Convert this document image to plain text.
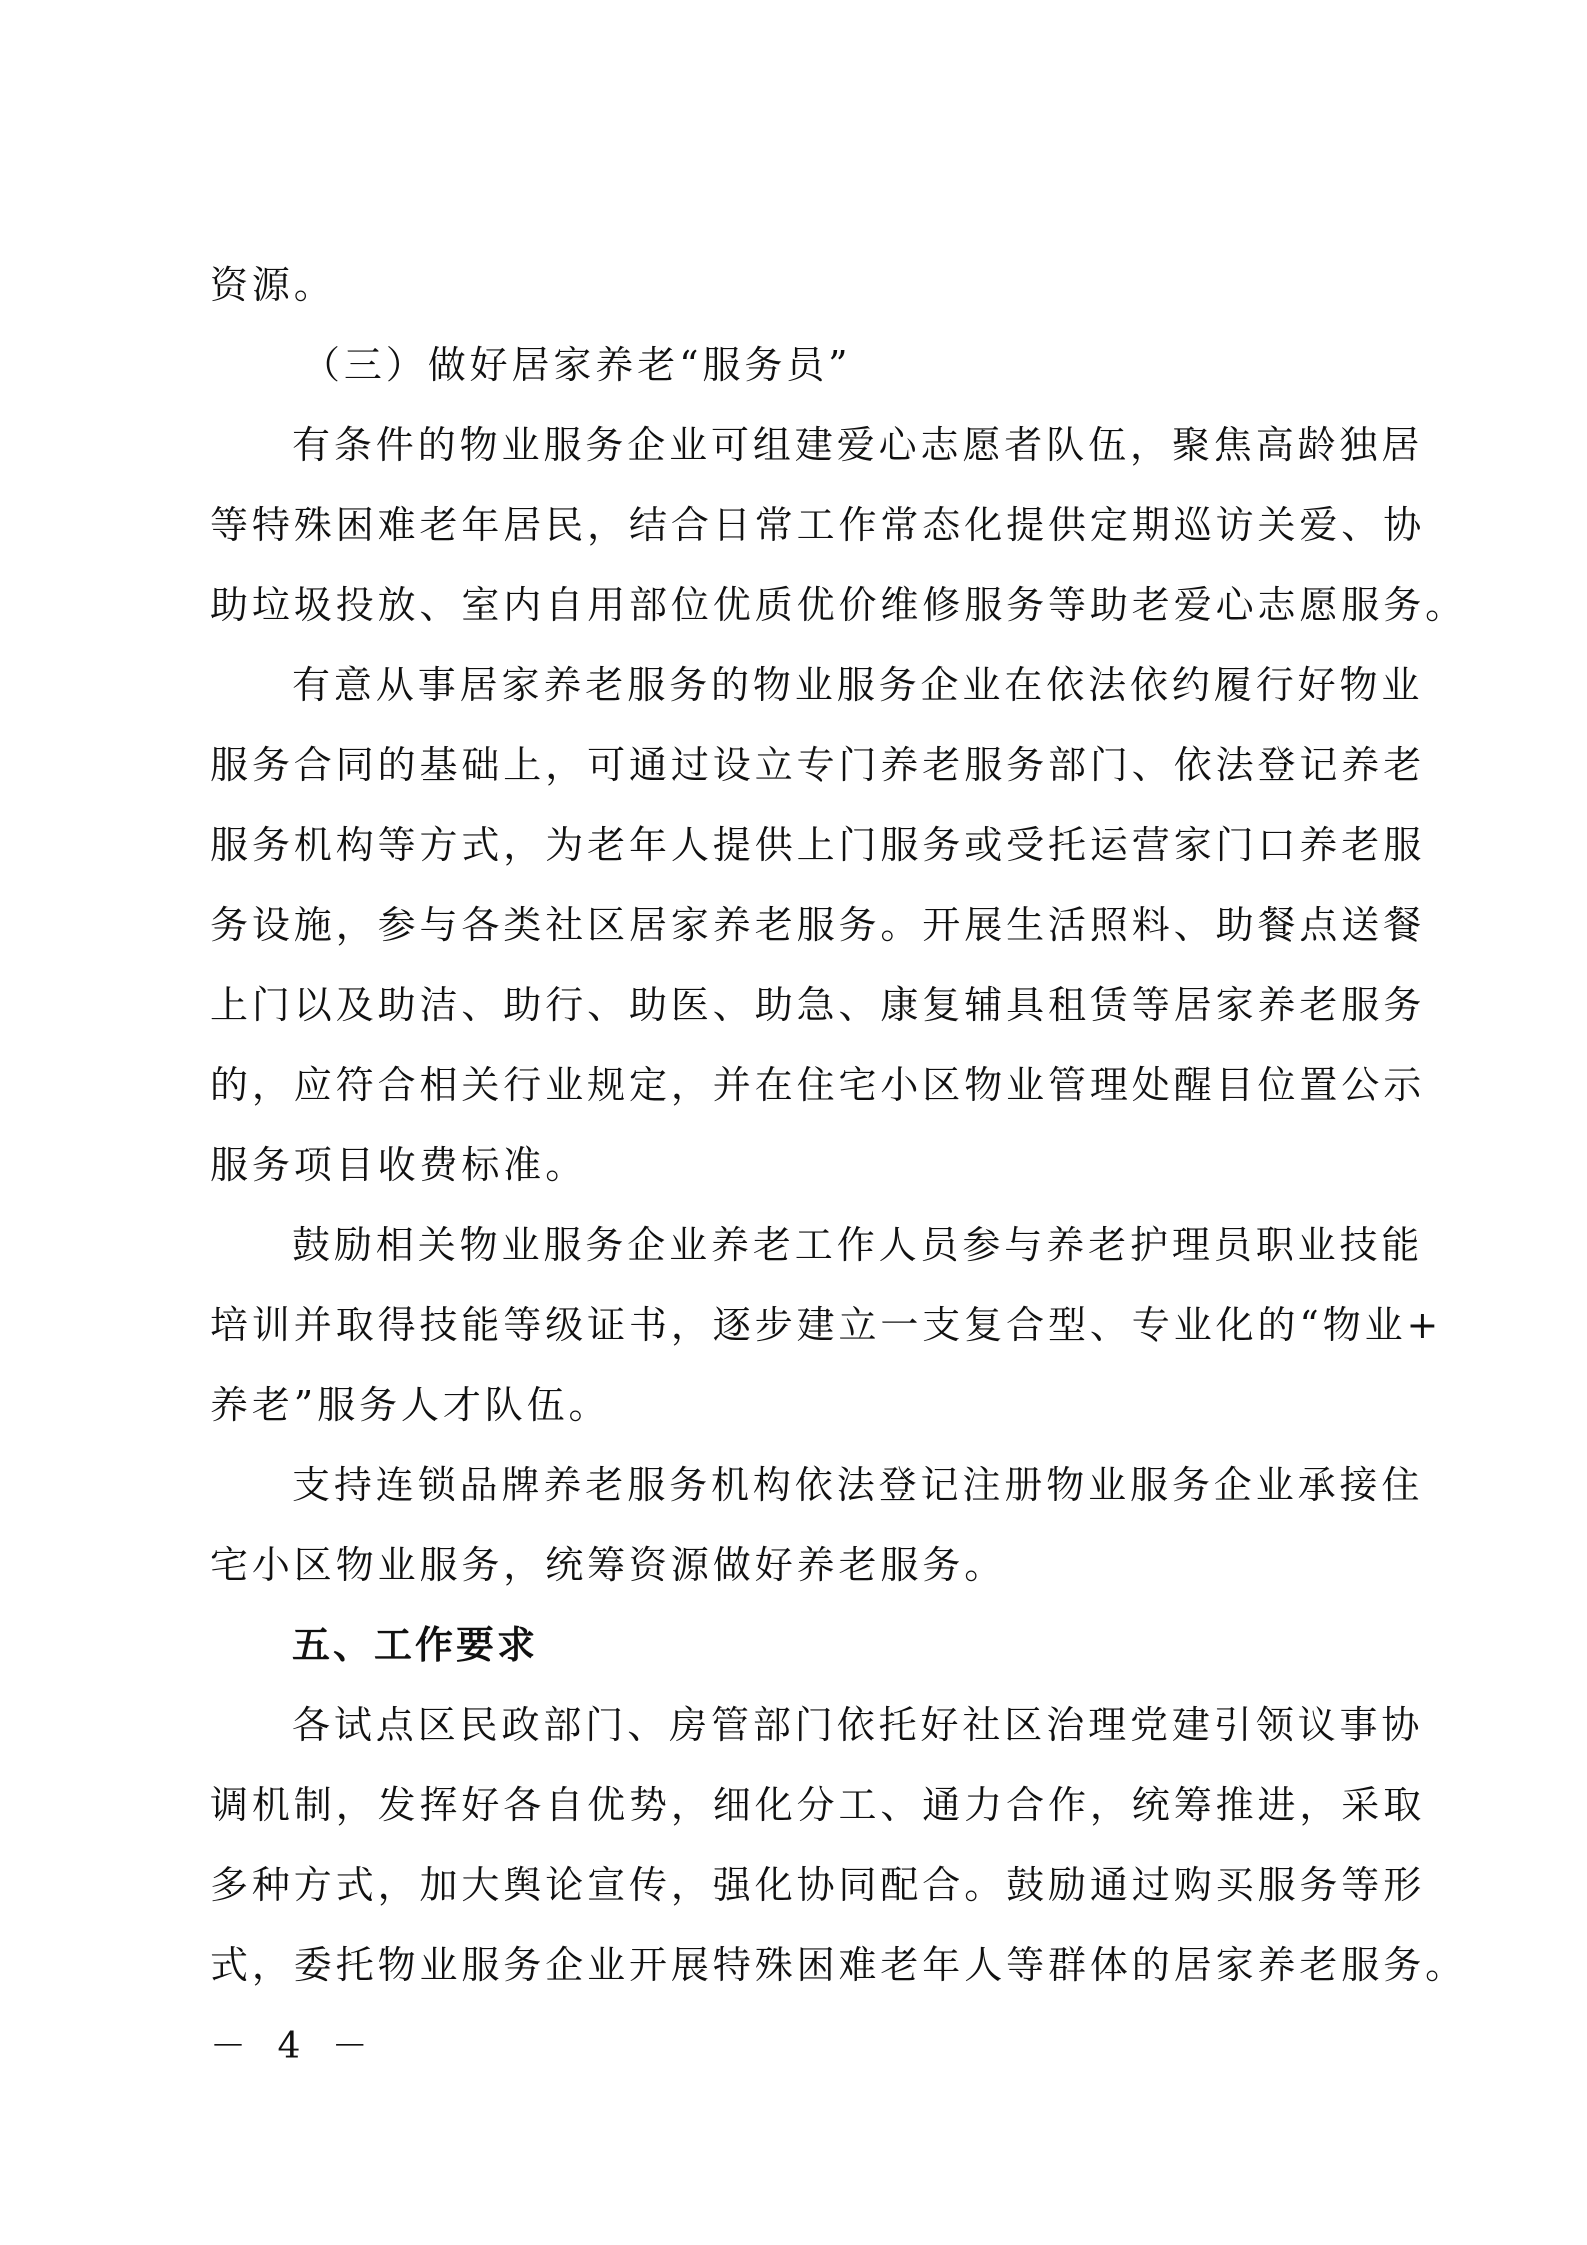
资源。
（三）做好居家养老“服务员”
有条件的物业服务企业可组建爱心志愿者队伍，聚焦高龄独居
等特殊困难老年居民，结合日常工作常态化提供定期巡访关爱、协
助垃圾投放、室内自用部位优质优价维修服务等助老爱心志愿服务。
有意从事居家养老服务的物业服务企业在依法依约履行好物业
服务合同的基础上，可通过设立专门养老服务部门、依法登记养老
服务机构等方式，为老年人提供上门服务或受托运营家门口养老服
务设施，参与各类社区居家养老服务。开展生活照料、助餐点送餐
上门以及助洁、助行、助医、助急、康复辅具租赁等居家养老服务
的，应符合相关行业规定，并在住宅小区物业管理处醒目位置公示
服务项目收费标准。
鼓励相关物业服务企业养老工作人员参与养老护理员职业技能
培训并取得技能等级证书，逐步建立一支复合型、专业化的“物业+
养老”服务人才队伍。
支持连锁品牌养老服务机构依法登记注册物业服务企业承接住
宅小区物业服务，统筹资源做好养老服务。
五、工作要求
各试点区民政部门、房管部门依托好社区治理党建引领议事协
调机制，发挥好各自优势，细化分工、通力合作，统筹推进，采取
多种方式，加大舆论宣传，强化协同配合。鼓励通过购买服务等形
式，委托物业服务企业开展特殊困难老年人等群体的居家养老服务。
－ 4 －
